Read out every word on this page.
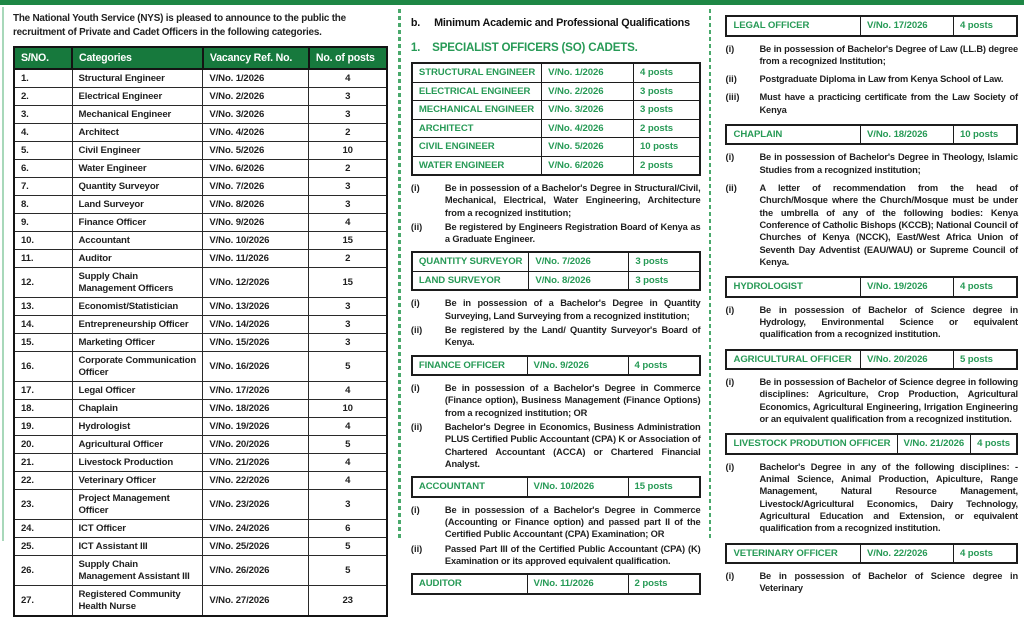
The National Youth Service (NYS) is pleased to announce to the public the recruitment of Private and Cadet Officers in the following categories.

S/NO.	Categories	Vacancy Ref. No.	No. of posts
1.	Structural Engineer	V/No. 1/2026	4
2.	Electrical Engineer	V/No. 2/2026	3
3.	Mechanical Engineer	V/No. 3/2026	3
4.	Architect	V/No. 4/2026	2
5.	Civil Engineer	V/No. 5/2026	10
6.	Water Engineer	V/No. 6/2026	2
7.	Quantity Surveyor	V/No. 7/2026	3
8.	Land Surveyor	V/No. 8/2026	3
9.	Finance Officer	V/No. 9/2026	4
10.	Accountant	V/No. 10/2026	15
11.	Auditor	V/No. 11/2026	2
12.	Supply Chain Management Officers	V/No. 12/2026	15
13.	Economist/Statistician	V/No. 13/2026	3
14.	Entrepreneurship Officer	V/No. 14/2026	3
15.	Marketing Officer	V/No. 15/2026	3
16.	Corporate Communication Officer	V/No. 16/2026	5
17.	Legal Officer	V/No. 17/2026	4
18.	Chaplain	V/No. 18/2026	10
19.	Hydrologist	V/No. 19/2026	4
20.	Agricultural Officer	V/No. 20/2026	5
21.	Livestock Production	V/No. 21/2026	4
22.	Veterinary Officer	V/No. 22/2026	4
23.	Project Management Officer	V/No. 23/2026	3
24.	ICT Officer	V/No. 24/2026	6
25.	ICT Assistant III	V/No. 25/2026	5
26.	Supply Chain Management Assistant III	V/No. 26/2026	5
27.	Registered Community Health Nurse	V/No. 27/2026	23
b. Minimum Academic and Professional Qualifications
1. SPECIALIST OFFICERS (SO) CADETS.
STRUCTURAL ENGINEER	V/No. 1/2026	4 posts
ELECTRICAL ENGINEER	V/No. 2/2026	3 posts
MECHANICAL ENGINEER	V/No. 3/2026	3 posts
ARCHITECT	V/No. 4/2026	2 posts
CIVIL ENGINEER	V/No. 5/2026	10 posts
WATER ENGINEER	V/No. 6/2026	2 posts
(i)	Be in possession of a Bachelor's Degree in Structural/Civil, Mechanical, Electrical, Water Engineering, Architecture from a recognized institution;
(ii)	Be registered by Engineers Registration Board of Kenya as a Graduate Engineer.
QUANTITY SURVEYOR	V/No. 7/2026	3 posts
LAND SURVEYOR	V/No. 8/2026	3 posts
(i)	Be in possession of a Bachelor's Degree in Quantity Surveying, Land Surveying from a recognized institution;
(ii)	Be registered by the Land/ Quantity Surveyor's Board of Kenya.
FINANCE OFFICER	V/No. 9/2026	4 posts
(i)	Be in possession of a Bachelor's Degree in Commerce (Finance option), Business Management (Finance Options) from a recognized institution; OR
(ii)	Bachelor's Degree in Economics, Business Administration PLUS Certified Public Accountant (CPA) K or Association of Chartered Accountant (ACCA) or Chartered Financial Analyst.
ACCOUNTANT	V/No. 10/2026	15 posts
(i)	Be in possession of a Bachelor's Degree in Commerce (Accounting or Finance option) and passed part II of the Certified Public Accountant (CPA) Examination; OR
(ii)	Passed Part III of the Certified Public Accountant (CPA) (K) Examination or its approved equivalent qualification.
AUDITOR	V/No. 11/2026	2 posts
LEGAL OFFICER	V/No. 17/2026	4 posts
(i)	Be in possession of Bachelor's Degree of Law (LL.B) degree from a recognized Institution;
(ii)	Postgraduate Diploma in Law from Kenya School of Law.
(iii)	Must have a practicing certificate from the Law Society of Kenya
CHAPLAIN	V/No. 18/2026	10 posts
(i)	Be in possession of Bachelor's Degree in Theology, Islamic Studies from a recognized institution;
(ii)	A letter of recommendation from the head of Church/Mosque where the Church/Mosque must be under the umbrella of any of the following bodies: Kenya Conference of Catholic Bishops (KCCB); National Council of Churches of Kenya (NCCK), East/West Africa Union of Seventh Day Adventist (EAU/WAU) or Supreme Council of Kenya.
HYDROLOGIST	V/No. 19/2026	4 posts
(i)	Be in possession of Bachelor of Science degree in Hydrology, Environmental Science or equivalent qualification from a recognized institution.
AGRICULTURAL OFFICER	V/No. 20/2026	5 posts
(i)	Be in possession of Bachelor of Science degree in following disciplines: Agriculture, Crop Production, Agricultural Economics, Agricultural Engineering, Irrigation Engineering or an equivalent qualification from a recognized institution.
LIVESTOCK PRODUTION OFFICER	V/No. 21/2026	4 posts
(i)	Bachelor's Degree in any of the following disciplines: - Animal Science, Animal Production, Apiculture, Range Management, Natural Resource Management, Livestock/Agricultural Economics, Dairy Technology, Agricultural Education and Extension, or equivalent qualification from a recognized institution.
VETERINARY OFFICER	V/No. 22/2026	4 posts
(i)	Be in possession of Bachelor of Science degree in Veterinary
